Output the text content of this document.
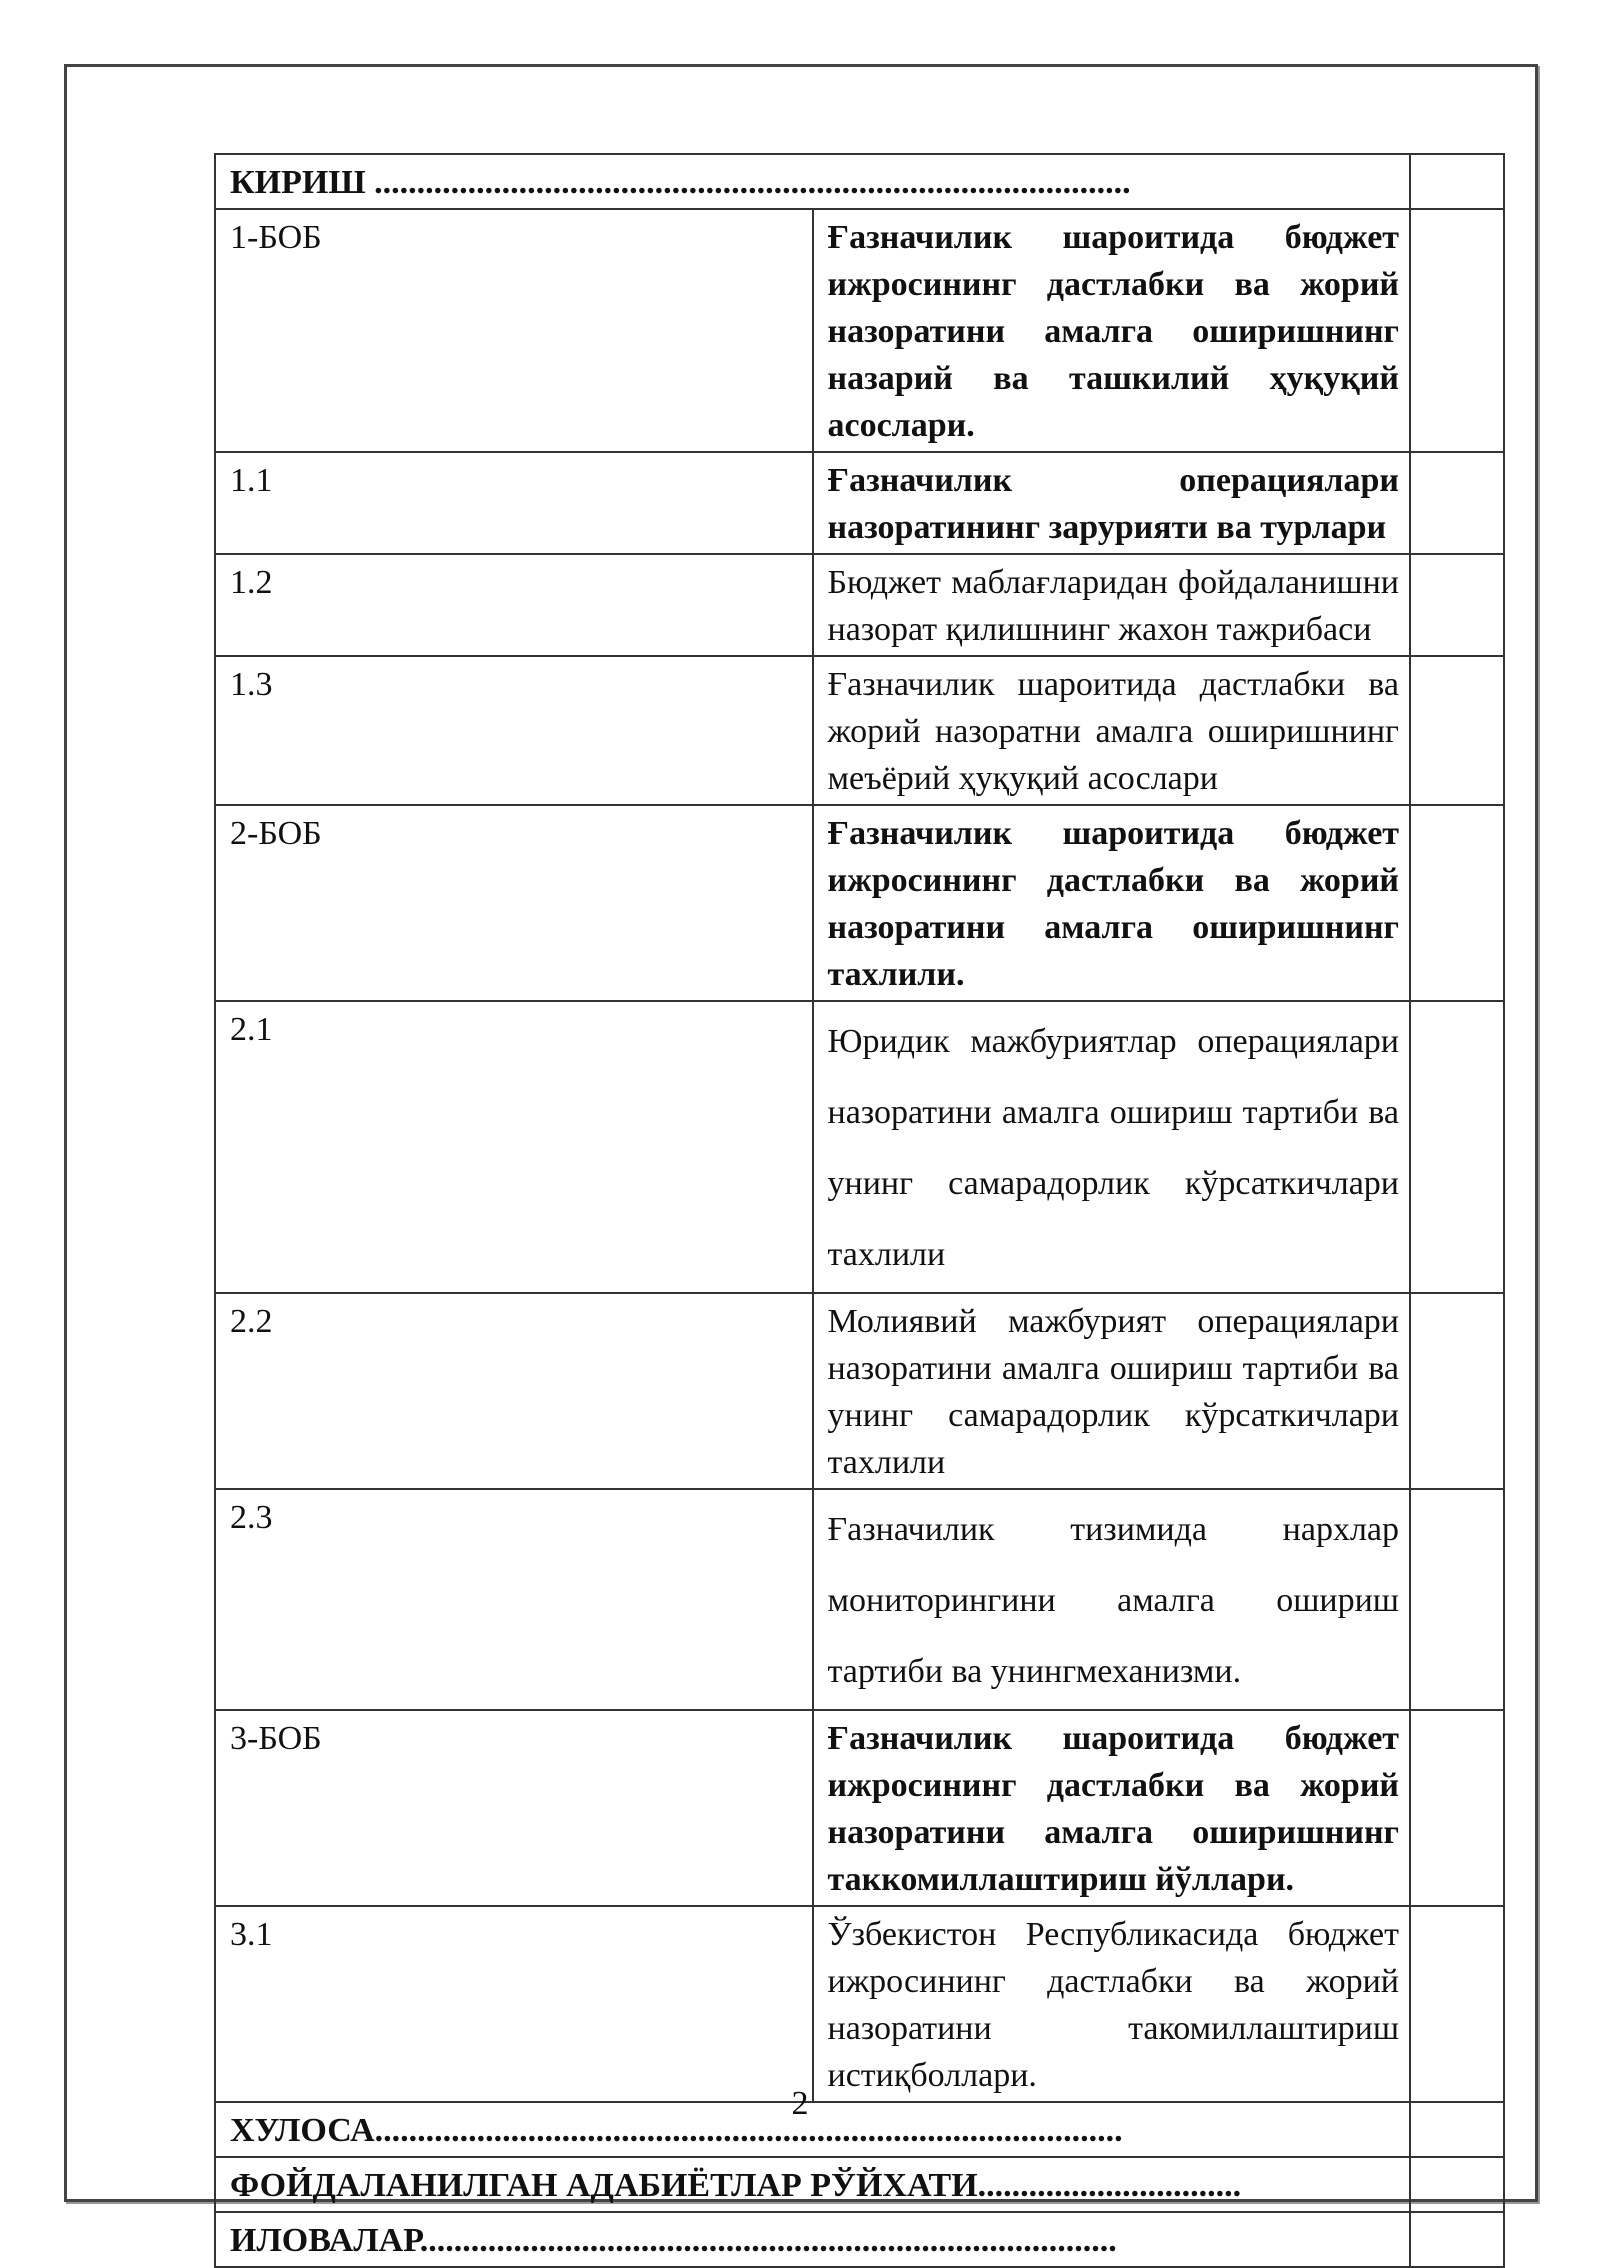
КИРИШ .........................................................................................		
1-БОБ	Ғазначилик шароитида бюджет ижросининг дастлабки ва жорий назоратини амалга оширишнинг назарий ва ташкилий ҳуқуқий асослари.	
1.1	Ғазначилик операциялари назоратининг зарурияти ва турлари	
1.2	Бюджет маблағларидан фойдаланишни назорат қилишнинг жахон тажрибаси	
1.3	Ғазначилик шароитида дастлабки ва жорий назоратни амалга оширишнинг меъёрий ҳуқуқий асослари	
2-БОБ	Ғазначилик шароитида бюджет ижросининг дастлабки ва жорий назоратини амалга оширишнинг тахлили.	
2.1	Юридик мажбуриятлар операциялари назоратини амалга ошириш тартиби ва унинг самарадорлик кўрсаткичлари тахлили	
2.2	Молиявий мажбурият операциялари назоратини амалга ошириш тартиби ва унинг самарадорлик кўрсаткичлари тахлили	
2.3	Ғазначилик тизимида нархлар мониторингини амалга ошириш тартиби ва унингмеханизми.	
3-БОБ	Ғазначилик шароитида бюджет ижросининг дастлабки ва жорий назоратини амалга оширишнинг таккомиллаштириш йўллари.	
3.1	Ўзбекистон Республикасида бюджет ижросининг дастлабки ва жорий назоратини такомиллаштириш истиқболлари.	
ХУЛОСА........................................................................................		
ФОЙДАЛАНИЛГАН АДАБИЁТЛАР РЎЙХАТИ...............................		
ИЛОВАЛАР..................................................................................		
2
